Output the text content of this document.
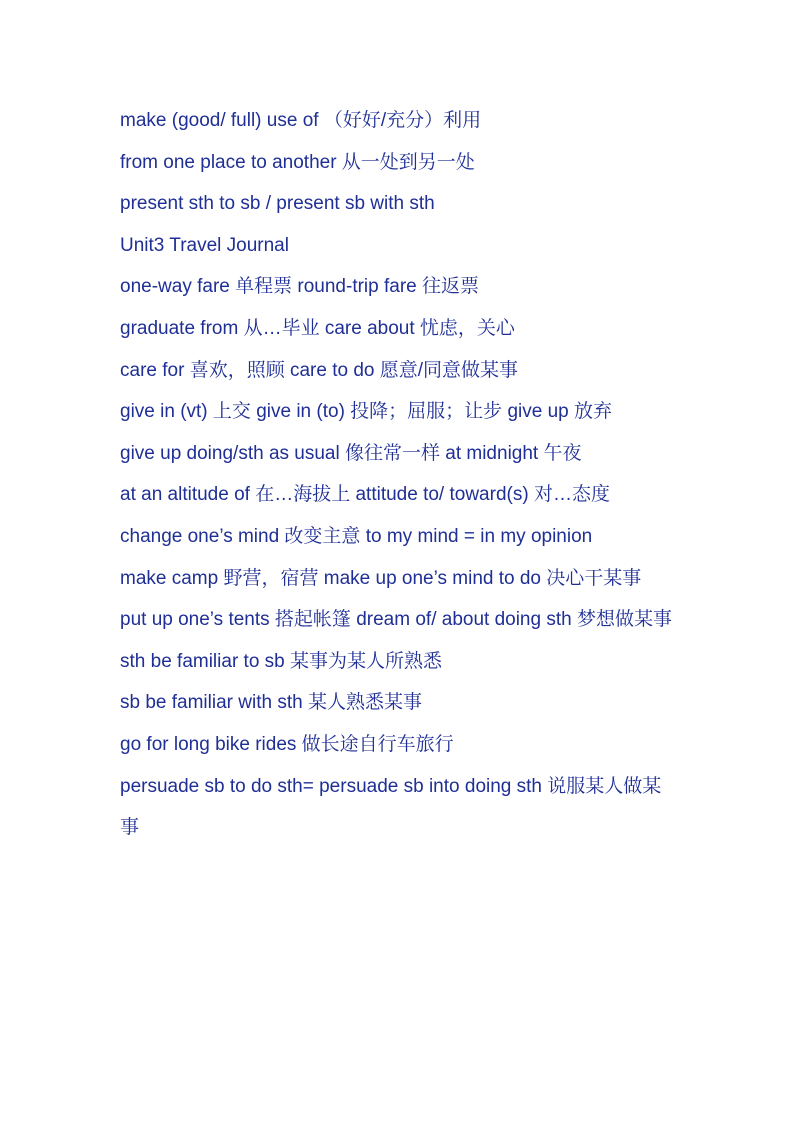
make (good/ full) use of （好好/充分）利用
from one place to another 从一处到另一处
present sth to sb / present sb with sth
Unit3 Travel Journal
one-way fare 单程票 round-trip fare 往返票
graduate from 从…毕业 care about 忧虑，关心
care for 喜欢，照顾 care to do 愿意/同意做某事
give in (vt) 上交 give in (to) 投降；屈服；让步 give up 放弃
give up doing/sth as usual 像往常一样 at midnight 午夜
at an altitude of 在…海拔上 attitude to/ toward(s) 对…态度
change one’s mind 改变主意 to my mind = in my opinion
make camp 野营，宿营 make up one’s mind to do 决心干某事
put up one’s tents 搭起帐篷 dream of/ about doing sth 梦想做某事
sth be familiar to sb 某事为某人所熟悉
sb be familiar with sth 某人熟悉某事
go for long bike rides 做长途自行车旅行
persuade sb to do sth= persuade sb into doing sth 说服某人做某事
